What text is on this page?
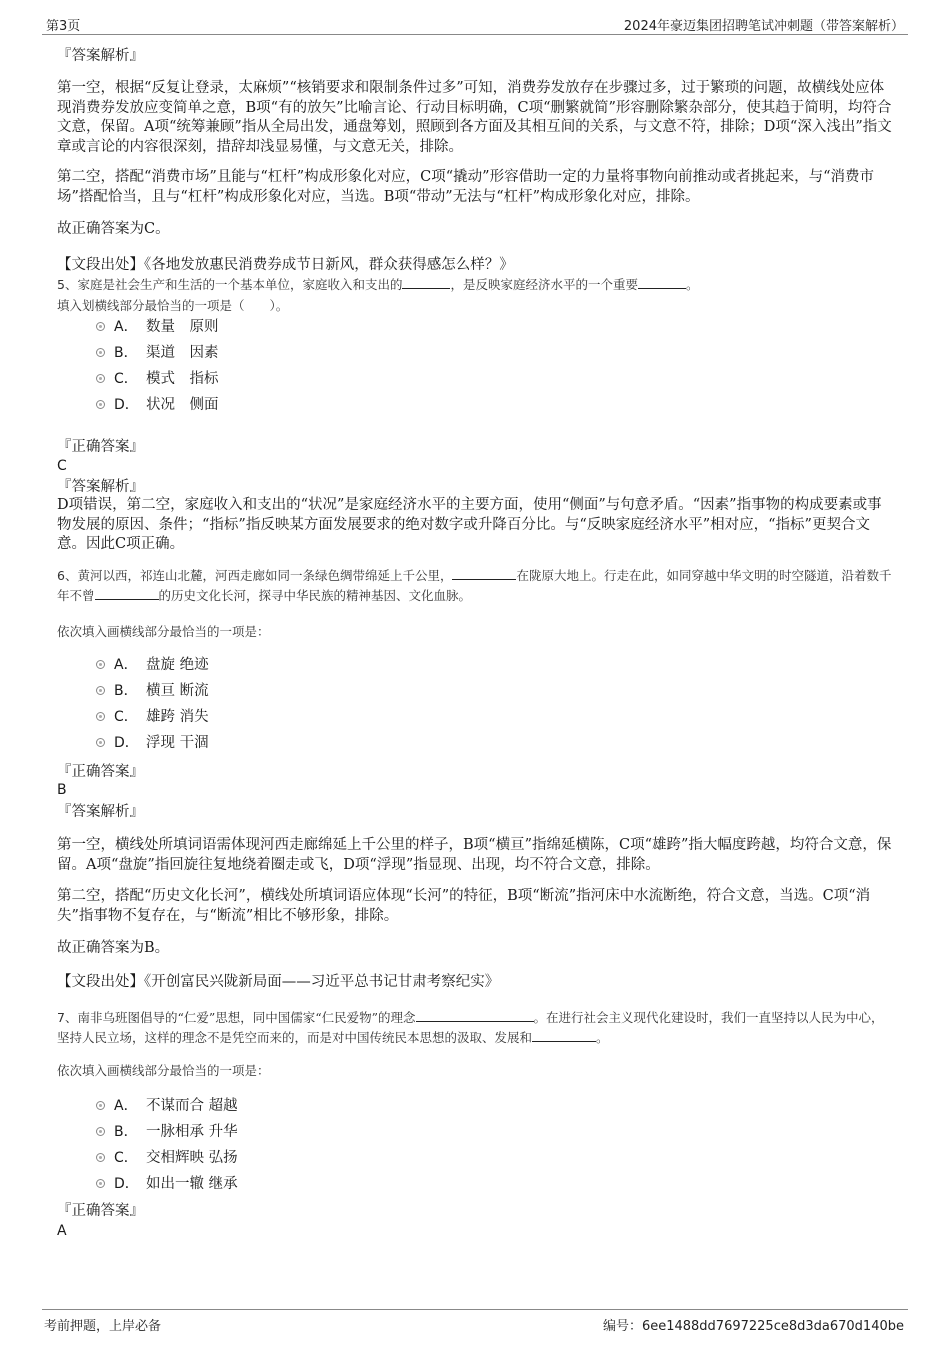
第3页	2024年豪迈集团招聘笔试冲刺题（带答案解析）
『答案解析』

第一空，根据“反复让登录，太麻烦”“核销要求和限制条件过多”可知，消费券发放存在步骤过多，过于繁琐的问题，故横线处应体现消费券发放应变简单之意，B项“有的放矢”比喻言论、行动目标明确，C项“删繁就简”形容删除繁杂部分，使其趋于简明，均符合文意，保留。A项“统筹兼顾”指从全局出发，通盘筹划，照顾到各方面及其相互间的关系，与文意不符，排除；D项“深入浅出”指文章或言论的内容很深刻，措辞却浅显易懂，与文意无关，排除。

第二空，搭配“消费市场”且能与“杠杆”构成形象化对应，C项“撬动”形容借助一定的力量将事物向前推动或者挑起来，与“消费市场”搭配恰当，且与“杠杆”构成形象化对应，当选。B项“带动”无法与“杠杆”构成形象化对应，排除。

故正确答案为C。
【文段出处】《各地发放惠民消费券成节日新风，群众获得感怎么样？》
5、家庭是社会生产和生活的一个基本单位，家庭收入和支出的	，是反映家庭经济水平的一个重要	。
填入划横线部分最恰当的一项是（　　）。
A． 数量　原则
B． 渠道　因素
C． 模式　指标
D． 状况　侧面
『正确答案』
C
『答案解析』

D项错误，第二空，家庭收入和支出的“状况”是家庭经济水平的主要方面，使用“侧面”与句意矛盾。“因素”指事物的构成要素或事物发展的原因、条件；“指标”指反映某方面发展要求的绝对数字或升降百分比。与“反映家庭经济水平”相对应，“指标”更契合文意。因此C项正确。

6、黄河以西，祁连山北麓，河西走廊如同一条绿色绸带绵延上千公里，	在陇原大地上。行走在此，如同穿越中华文明的时空隧道，沿着数千年不曾	的历史文化长河，探寻中华民族的精神基因、文化血脉。
依次填入画横线部分最恰当的一项是：
A． 盘旋 绝迹
B． 横亘 断流
C． 雄跨 消失
D． 浮现 干涸
『正确答案』
B
『答案解析』

第一空，横线处所填词语需体现河西走廊绵延上千公里的样子，B项“横亘”指绵延横陈，C项“雄跨”指大幅度跨越，均符合文意，保留。A项“盘旋”指回旋往复地绕着圈走或飞，D项“浮现”指显现、出现，均不符合文意，排除。

第二空，搭配“历史文化长河”，横线处所填词语应体现“长河”的特征，B项“断流”指河床中水流断绝，符合文意，当选。C项“消失”指事物不复存在，与“断流”相比不够形象，排除。

故正确答案为B。
【文段出处】《开创富民兴陇新局面——习近平总书记甘肃考察纪实》
7、南非乌班图倡导的“仁爱”思想，同中国儒家“仁民爱物”的理念	。在进行社会主义现代化建设时，我们一直坚持以人民为中心，坚持人民立场，这样的理念不是凭空而来的，而是对中国传统民本思想的汲取、发展和	。
依次填入画横线部分最恰当的一项是：
A． 不谋而合 超越
B． 一脉相承 升华
C． 交相辉映 弘扬
D． 如出一辙 继承
『正确答案』
A
考前押题，上岸必备	编号：6ee1488dd7697225ce8d3da670d140be
